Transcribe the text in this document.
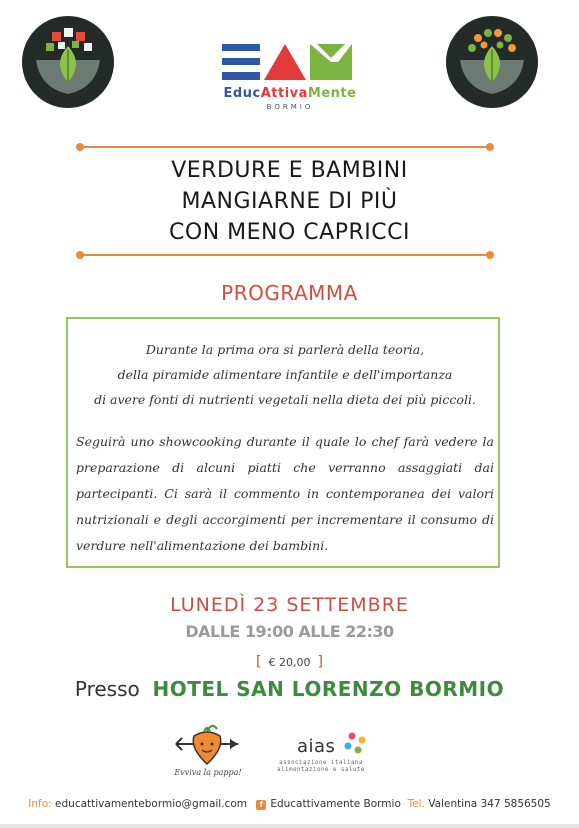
EducAttivaMente
BORMIO
VERDURE E BAMBINI
MANGIARNE DI PIÙ
CON MENO CAPRICCI
PROGRAMMA
Durante la prima ora si parlerà della teoria,
della piramide alimentare infantile e dell'importanza
di avere fonti di nutrienti vegetali nella dieta dei più piccoli.
Seguirà uno showcooking durante il quale lo chef farà vedere la preparazione di alcuni piatti che verranno assaggiati dai partecipanti. Ci sarà il commento in contemporanea dei valori nutrizionali e degli accorgimenti per incrementare il consumo di verdure nell'alimentazione dei bambini.
LUNEDÌ 23 SETTEMBRE
DALLE 19:00 ALLE 22:30
[ € 20,00 ]
Presso HOTEL SAN LORENZO BORMIO
Evviva la pappa!
aias
associazione italiana
alimentazione e salute
Info: educattivamentebormio@gmail.com f Educattivamente Bormio Tel. Valentina 347 5856505
